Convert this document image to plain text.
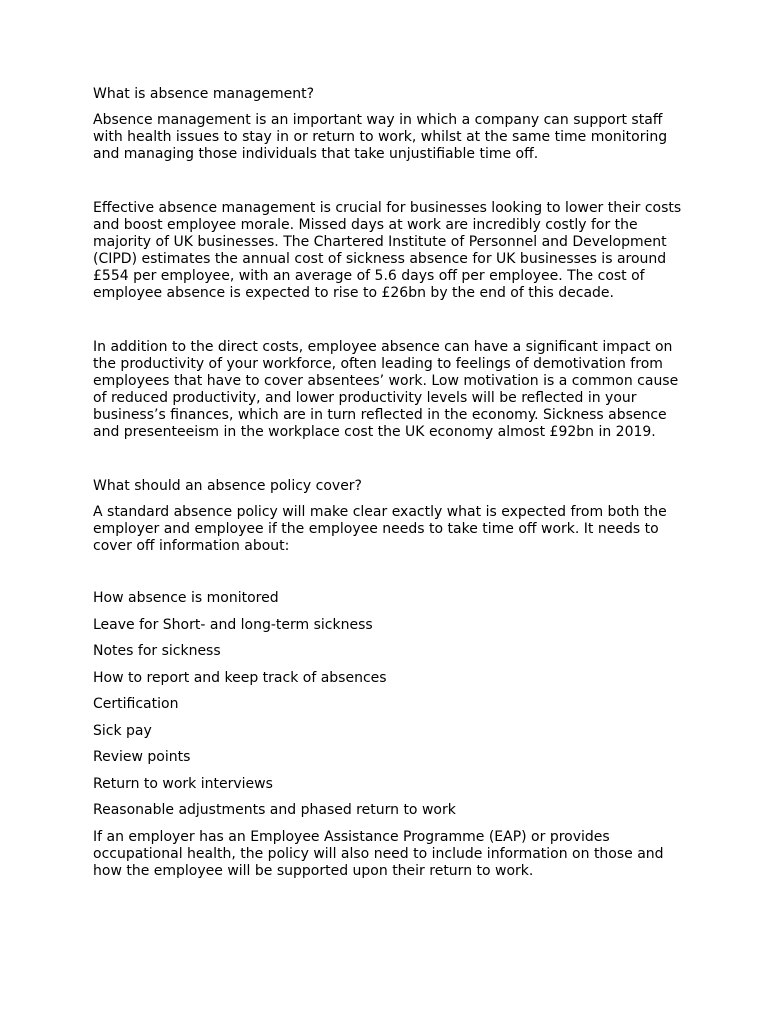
What is absence management?

Absence management is an important way in which a company can support staff with health issues to stay in or return to work, whilst at the same time monitoring and managing those individuals that take unjustifiable time off.

Effective absence management is crucial for businesses looking to lower their costs and boost employee morale. Missed days at work are incredibly costly for the majority of UK businesses. The Chartered Institute of Personnel and Development (CIPD) estimates the annual cost of sickness absence for UK businesses is around £554 per employee, with an average of 5.6 days off per employee. The cost of employee absence is expected to rise to £26bn by the end of this decade.

In addition to the direct costs, employee absence can have a significant impact on the productivity of your workforce, often leading to feelings of demotivation from employees that have to cover absentees’ work. Low motivation is a common cause of reduced productivity, and lower productivity levels will be reflected in your business’s finances, which are in turn reflected in the economy. Sickness absence and presenteeism in the workplace cost the UK economy almost £92bn in 2019.

What should an absence policy cover?

A standard absence policy will make clear exactly what is expected from both the employer and employee if the employee needs to take time off work. It needs to cover off information about:

How absence is monitored
Leave for Short- and long-term sickness
Notes for sickness
How to report and keep track of absences
Certification
Sick pay
Review points
Return to work interviews
Reasonable adjustments and phased return to work

If an employer has an Employee Assistance Programme (EAP) or provides occupational health, the policy will also need to include information on those and how the employee will be supported upon their return to work.
